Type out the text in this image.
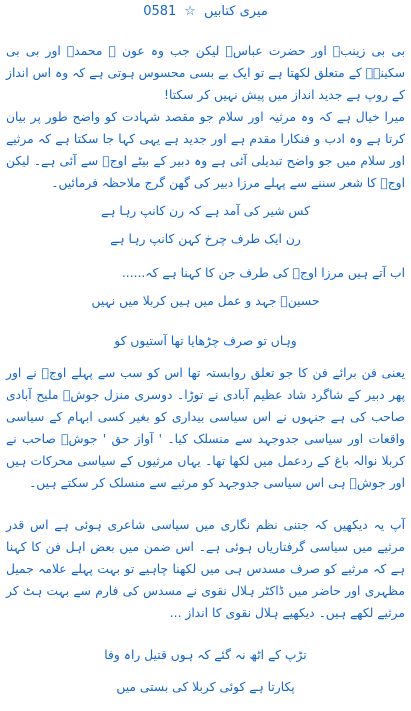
میری کتابیں
☆
0581

بی بی زینبؑ اور حضرت عباسؑ لیکن جب وہ عون ؑ محمدؑ اور بی بی سکینہؑ کے متعلق لکھتا ہے تو ایک بے بسی محسوس ہوتی ہے کہ وہ اس انداز کے روپ ہے جدید انداز میں پیش نہیں کر سکتا!

میرا خیال ہے کہ وہ مرثیہ اور سلام جو مقصد شہادت کو واضح طور پر بیان کرتا ہے وہ ادب و فنکارا مقدم ہے اور جدید ہے یہی کہا جا سکتا ہے کہ مرثیے اور سلام میں جو واضح تبدیلی آئی ہے وہ دبیر کے بیٹے اوجؔ سے آئی ہے۔ لیکن اوجؔ کا شعر سننے سے پہلے مرزا دبیر کی گھن گرج ملاحظہ فرمائیں۔

کس شیر کی آمد ہے کہ رن کانپ رہا ہے
رن ایک طرف چرخ کہن کانپ رہا ہے

اب آتے ہیں مرزا اوجؔ کی طرف جن کا کہنا ہے کہ......

حسینؑ جہد و عمل میں ہیں کربلا میں نہیں
وہاں تو صرف چڑھایا تھا آستیوں کو

یعنی فن برائے فن کا جو تعلق روابستہ تھا اس کو سب سے پہلے اوجؔ نے اور پھر دبیر کے شاگرد شاد عظیم آبادی نے توڑا۔ دوسری منزل جوشؔ ملیح آبادی صاحب کی ہے جنہوں نے اس سیاسی بیداری کو بغیر کسی ابہام کے سیاسی واقعات اور سیاسی جدوجہد سے منسلک کیا۔ ' آواز حق ' جوشؔ صاحب نے کربلا نوالہ باغ کے ردعمل میں لکھا تھا۔ یہاں مرثیوں کے سیاسی محرکات ہیں اور جوشؔ ہی اس سیاسی جدوجہد کو مرثیے سے منسلک کر سکتے ہیں۔

آپ یہ دیکھیں کہ جتنی نظم نگاری میں سیاسی شاعری ہوئی ہے اس قدر مرثیے میں سیاسی گرفتاریاں ہوئی ہے۔ اس ضمن میں بعض اہل فن کا کہنا ہے کہ مرثیے کو صرف مسدس ہی میں لکھنا چاہیے تو بہت پہلے علامہ جمیل مظہری اور حاضر میں ڈاکٹر ہلال نقوی نے مسدس کی فارم سے بہت ہٹ کر مرثیے لکھے ہیں۔ دیکھیے ہلال نقوی کا انداز ...

تڑپ کے اٹھ نہ گئے کہ ہوں قتیل راہ وفا
پکارتا ہے کوئی کربلا کی بستی میں
